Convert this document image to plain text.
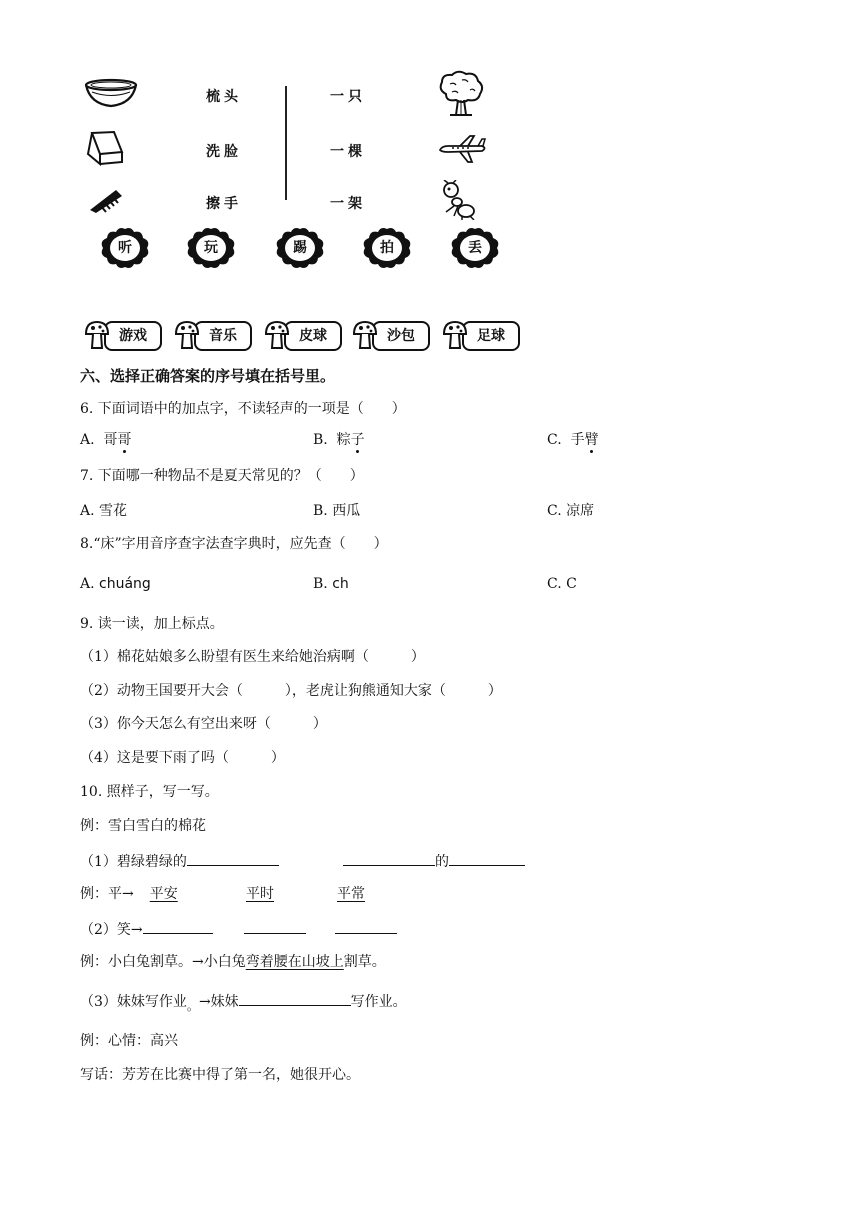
梳头
洗脸
擦手
一只
一棵
一架
听	玩	踢	拍	丢
游戏	音乐	皮球	沙包	足球
六、选择正确答案的序号填在括号里。
6. 下面词语中的加点字，不读轻声的一项是（　　）
A. 哥哥	B. 粽子	C. 手臂
7. 下面哪一种物品不是夏天常见的？（　　）
A. 雪花	B. 西瓜	C. 凉席
8.“床”字用音序查字法查字典时，应先查（　　）
A. chuáng	B. ch	C. C
9. 读一读，加上标点。
（1）棉花姑娘多么盼望有医生来给她治病啊（　　　）
（2）动物王国要开大会（　　　），老虎让狗熊通知大家（　　　）
（3）你今天怎么有空出来呀（　　　）
（4）这是要下雨了吗（　　　）
10. 照样子，写一写。
例：雪白雪白的棉花
（1）碧绿碧绿的	的
例：平→ 平安	平时	平常
（2）笑→
例：小白兔割草。→小白兔弯着腰在山坡上割草。
（3）妹妹写作业。→妹妹	写作业。
例：心情：高兴
写话：芳芳在比赛中得了第一名，她很开心。
